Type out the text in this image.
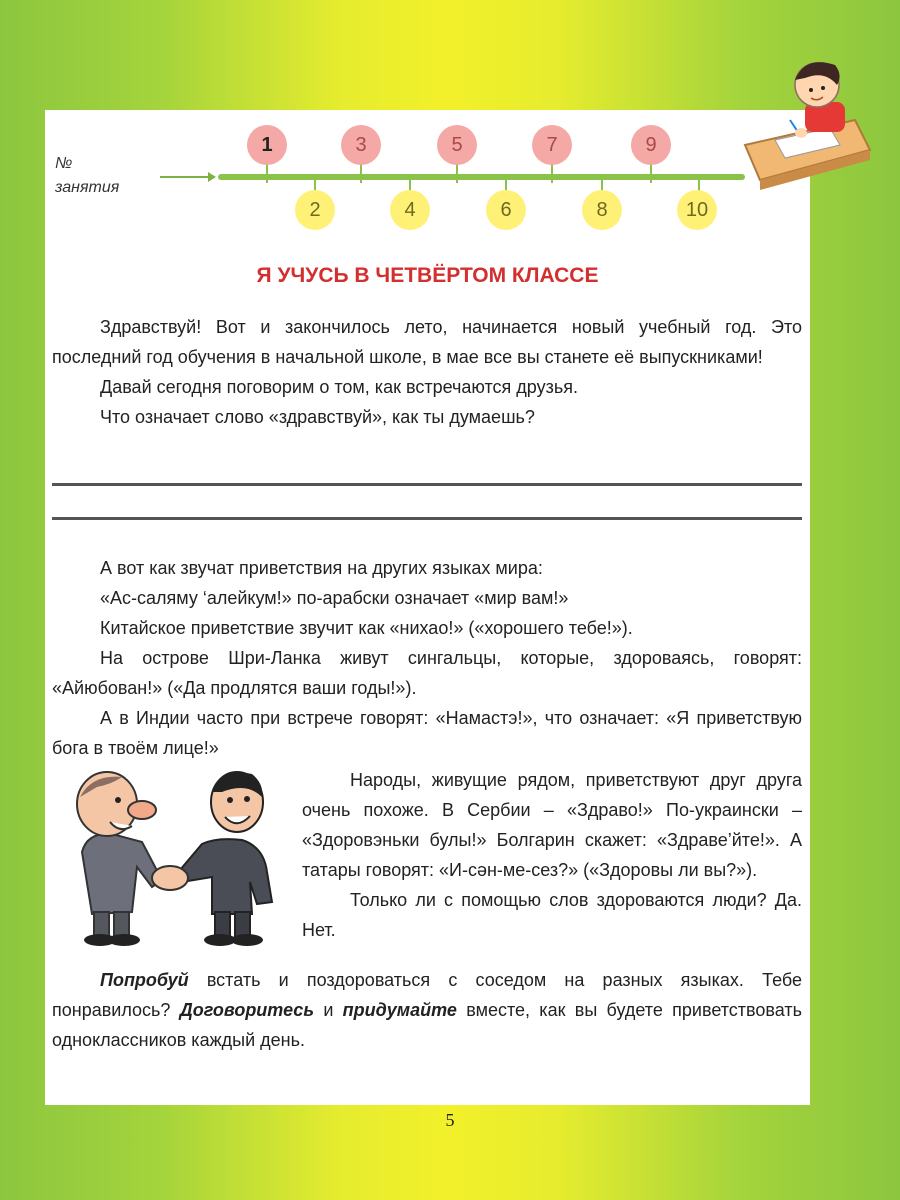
№
занятия
1	3	5	7	9
2	4	6	8	10
Я УЧУСЬ В ЧЕТВЁРТОМ КЛАССЕ

Здравствуй! Вот и закончилось лето, начинается новый учебный год. Это последний год обучения в начальной школе, в мае все вы станете её выпускниками!

Давай сегодня поговорим о том, как встречаются друзья.

Что означает слово «здравствуй», как ты думаешь?

А вот как звучат приветствия на других языках мира:

«Ас-саляму ‘алейкум!» по-арабски означает «мир вам!»

Китайское приветствие звучит как «нихао!» («хорошего тебе!»).

На острове Шри-Ланка живут сингальцы, которые, здороваясь, говорят: «Айюбован!» («Да продлятся ваши годы!»).

А в Индии часто при встрече говорят: «Намастэ!», что означает: «Я приветствую бога в твоём лице!»

Народы, живущие рядом, приветствуют друг друга очень похоже. В Сербии – «Здраво!» По-украински – «Здоровэньки булы!» Болгарин скажет: «Здраве’йте!». А татары говорят: «И-сән-ме-сез?» («Здоровы ли вы?»).

Только ли с помощью слов здороваются люди? Да. Нет.

Попробуй встать и поздороваться с соседом на разных языках. Тебе понравилось? Договоритесь и придумайте вместе, как вы будете приветствовать одноклассников каждый день.

5
